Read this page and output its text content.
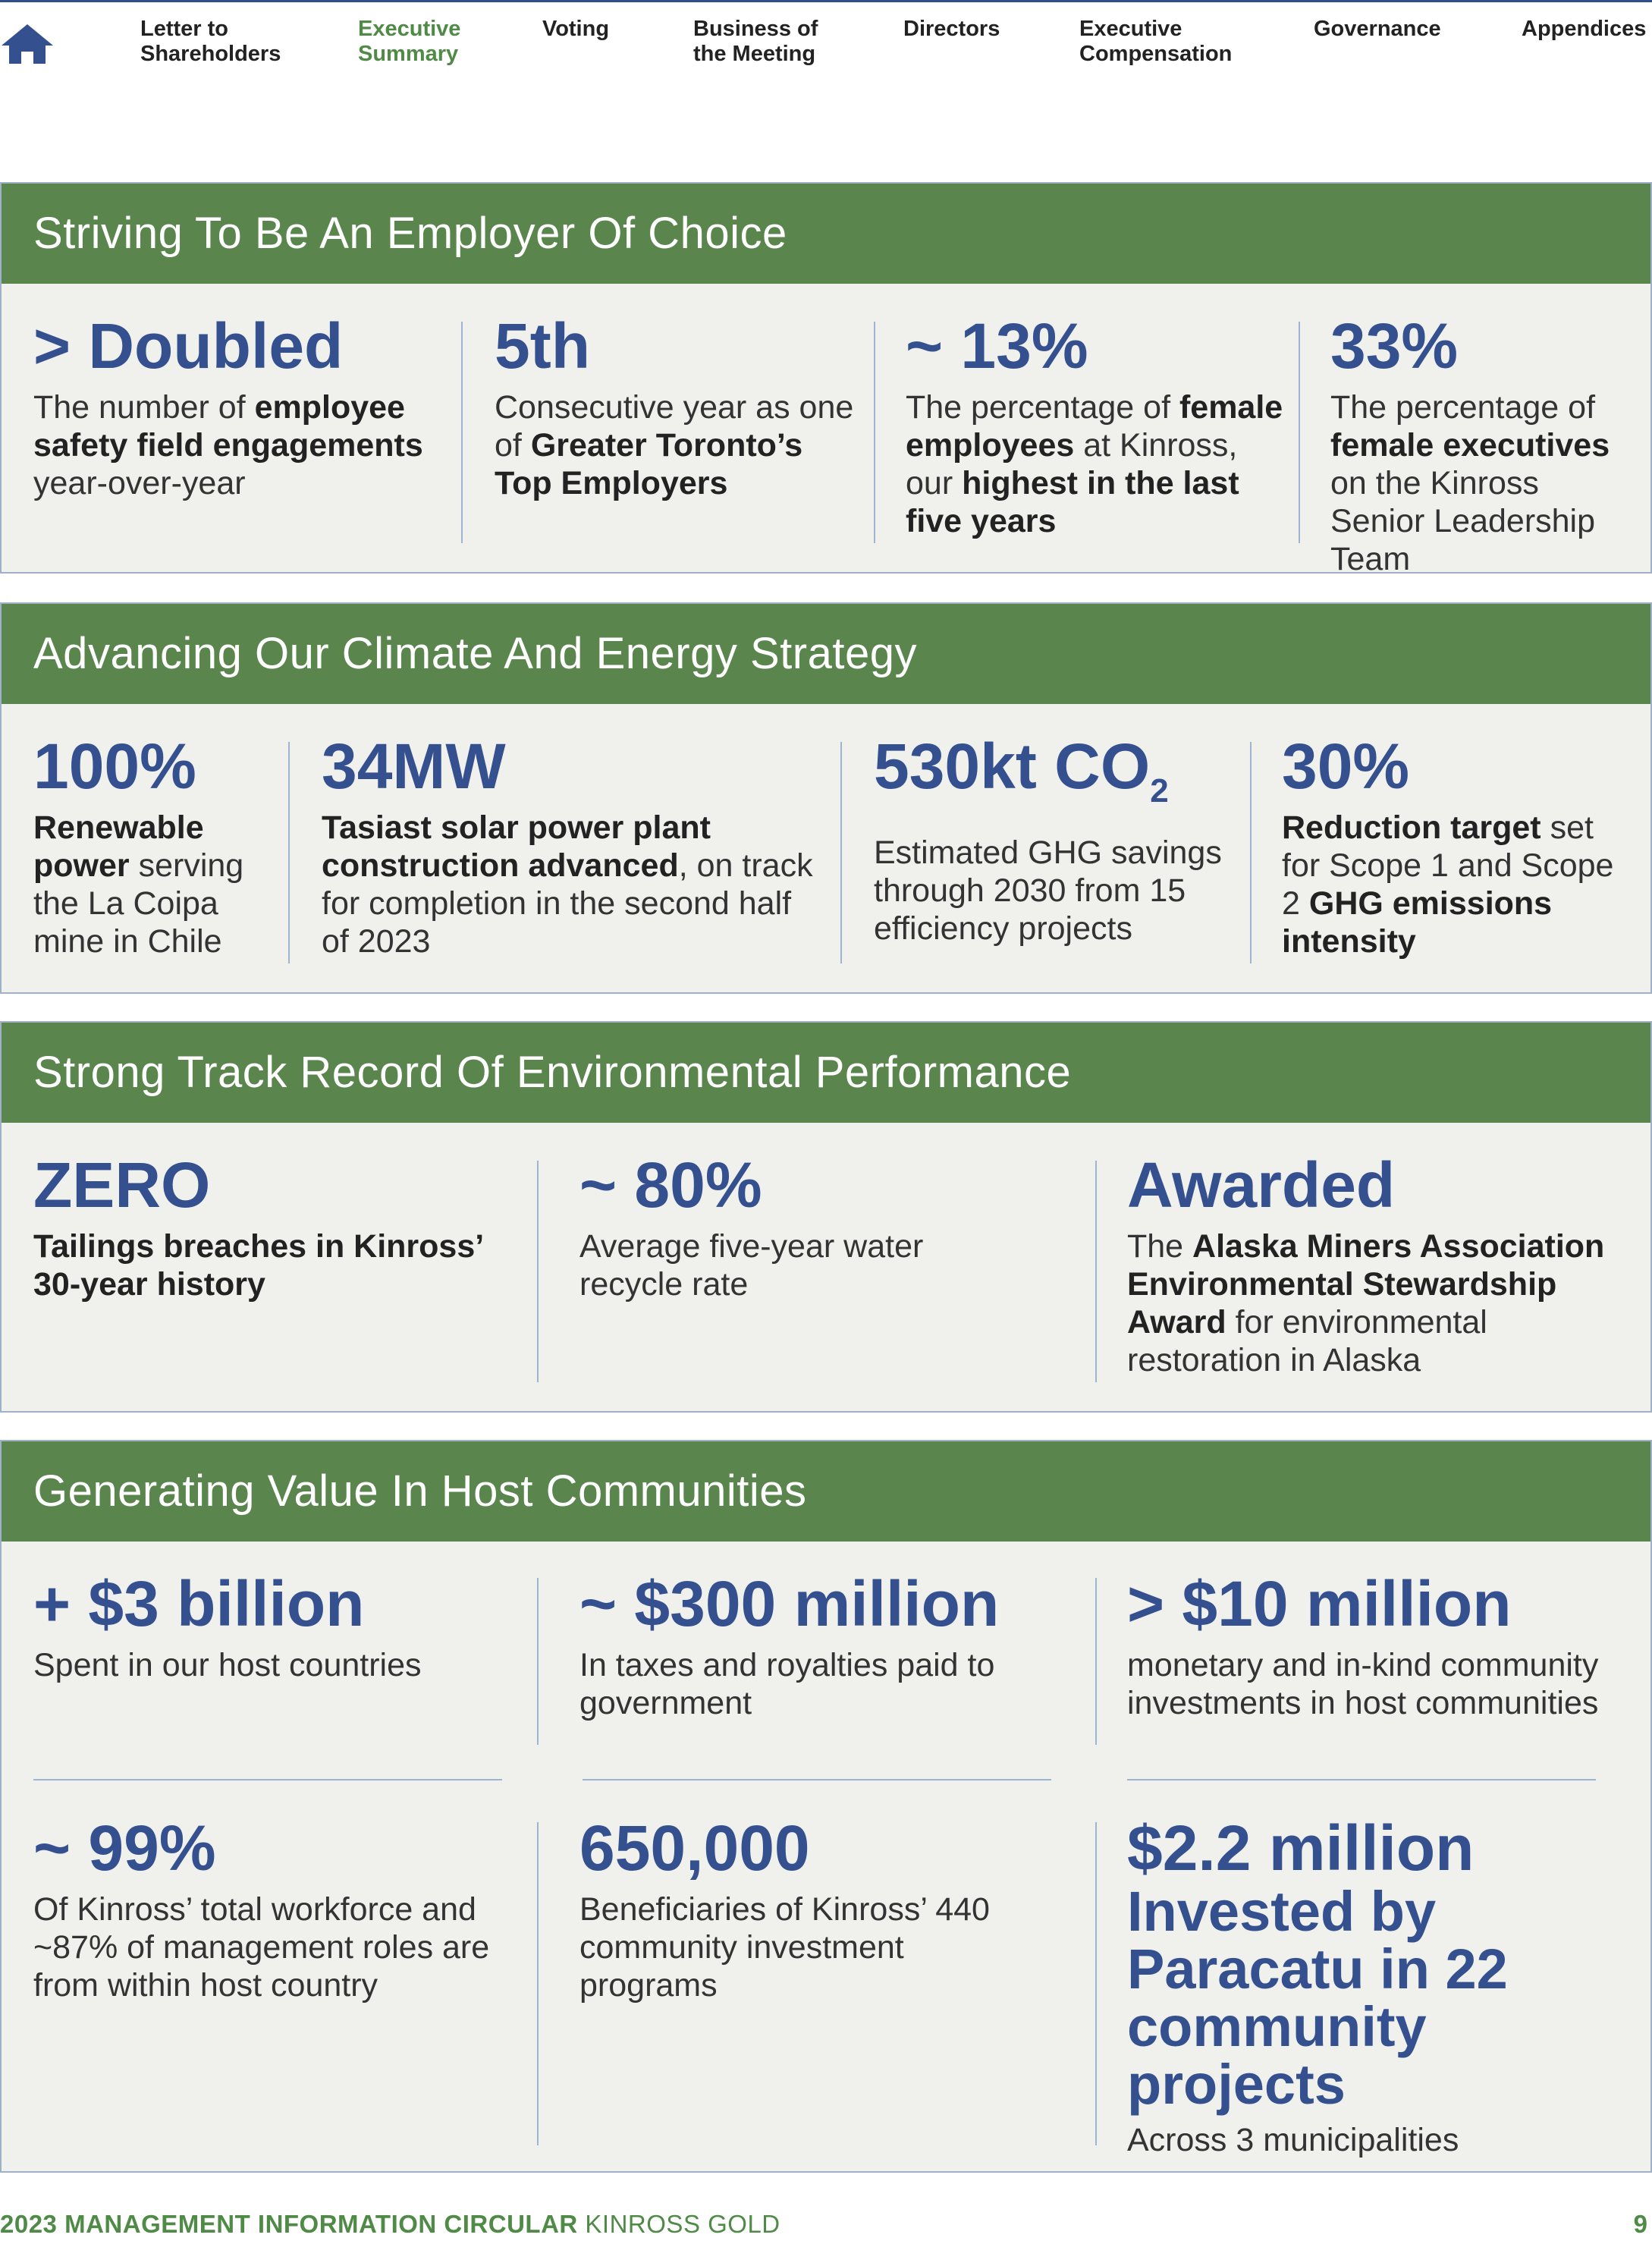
Letter to
Shareholders
Executive
Summary
Voting	Business of
the Meeting
Directors	Executive
Compensation
Governance	Appendices
Striving To Be An Employer Of Choice
> Doubled
The number of employee safety field engagements year-over-year
5th
Consecutive year as one of Greater Toronto’s Top Employers
~ 13%
The percentage of female employees at Kinross, our highest in the last five years
33%
The percentage of female executives on the Kinross Senior Leadership Team
Advancing Our Climate And Energy Strategy
100%
Renewable power serving the La Coipa mine in Chile
34MW
Tasiast solar power plant construction advanced, on track for completion in the second half of 2023
530kt $CO_2$
Estimated GHG savings through 2030 from 15 efficiency projects
30%
Reduction target set for Scope 1 and Scope 2 GHG emissions intensity
Strong Track Record Of Environmental Performance
ZERO
Tailings breaches in Kinross’ 30-year history
~ 80%
Average five-year water recycle rate
Awarded
The Alaska Miners Association Environmental Stewardship Award for environmental restoration in Alaska
Generating Value In Host Communities
+ $3 billion
Spent in our host countries
~ $300 million
In taxes and royalties paid to government
> $10 million
monetary and in-kind community investments in host communities
~ 99%
Of Kinross’ total workforce and ~87% of management roles are from within host country
650,000
Beneficiaries of Kinross’ 440 community investment programs
$2.2 million
Invested by Paracatu in 22 community projects
Across 3 municipalities
2023 MANAGEMENT INFORMATION CIRCULAR KINROSS GOLD	9
